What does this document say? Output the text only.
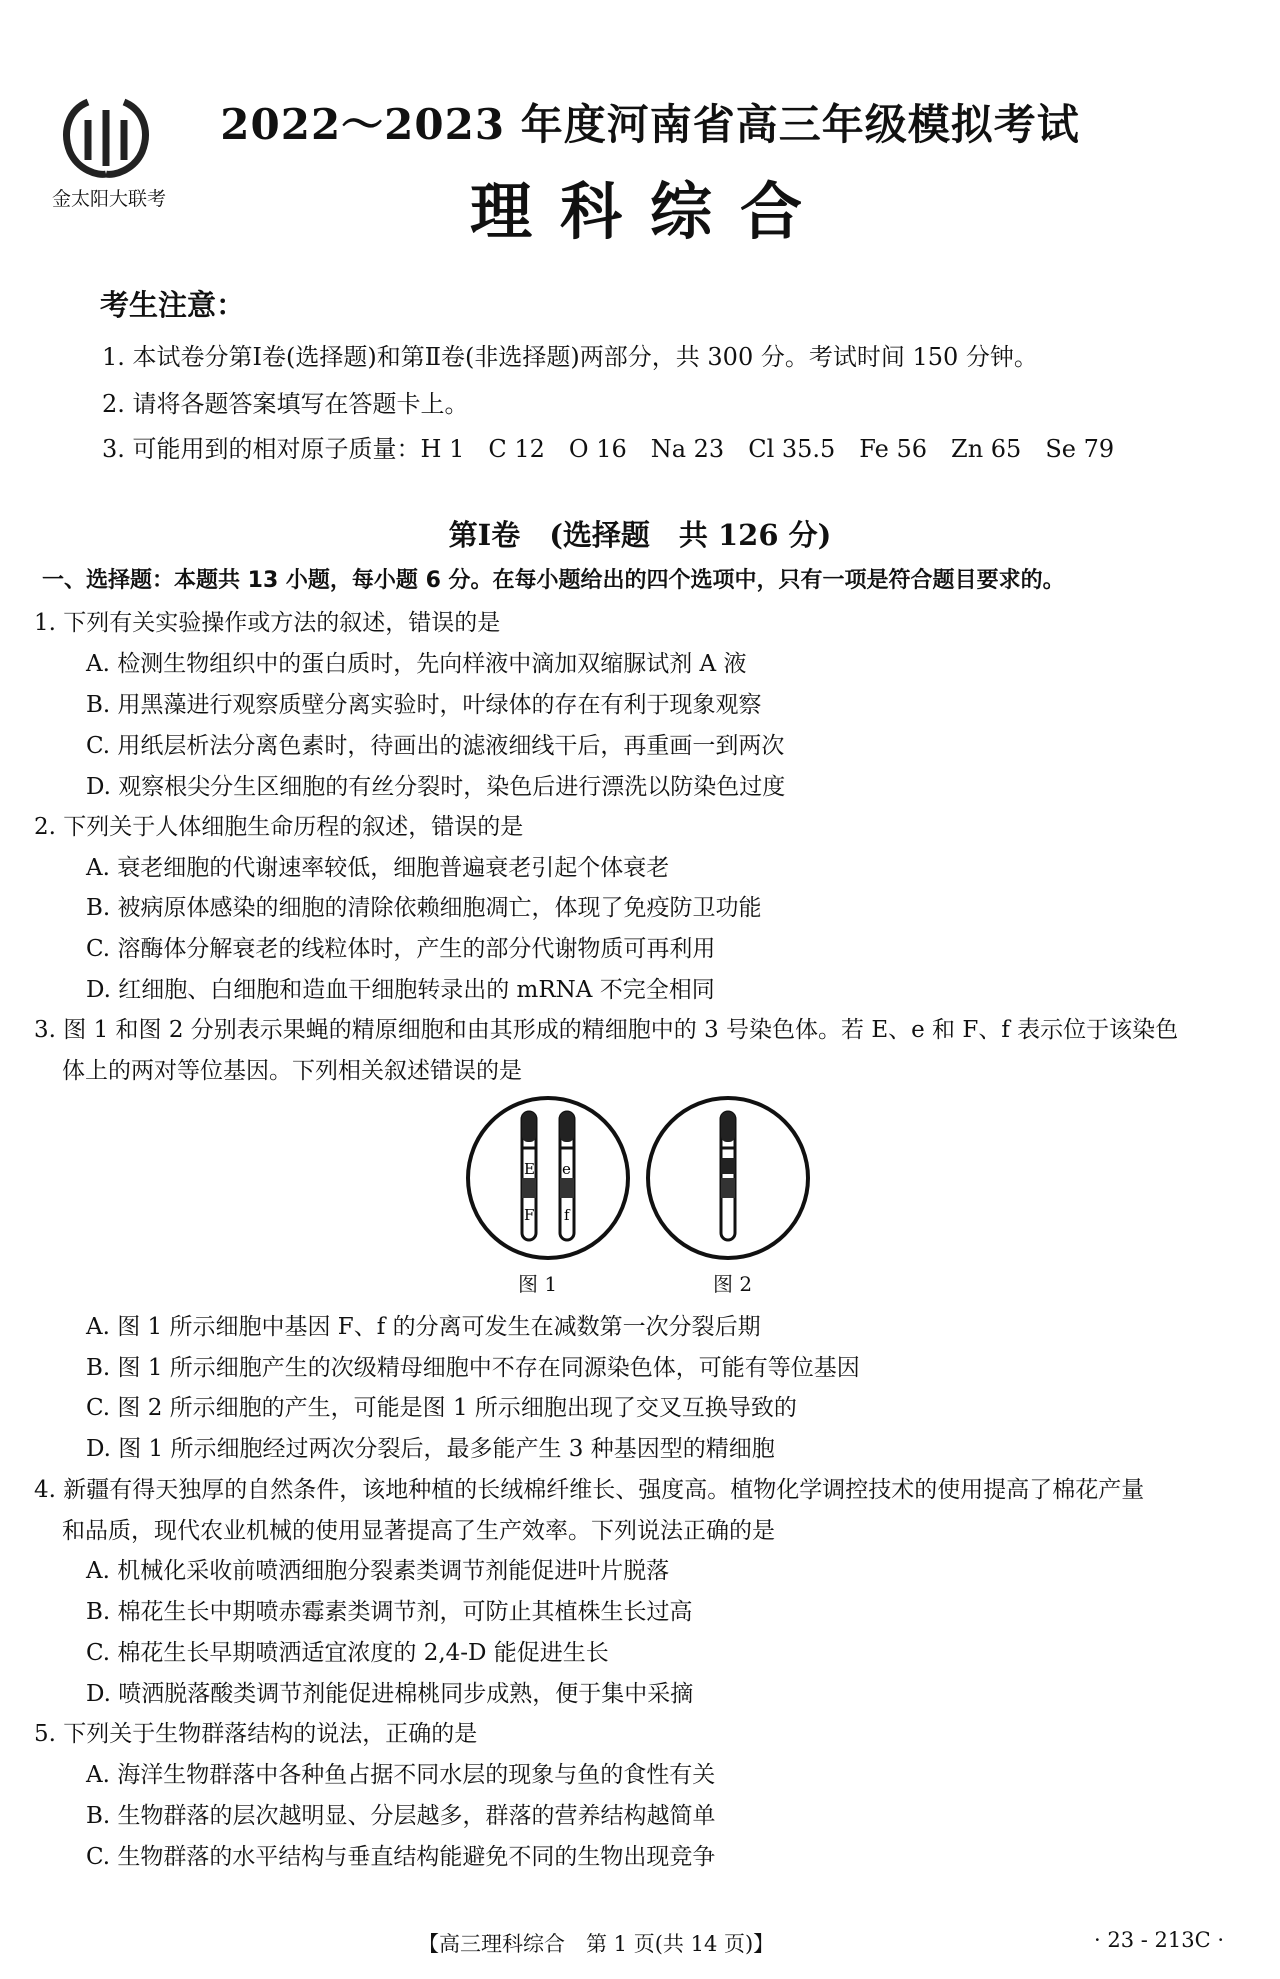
金太阳大联考
2022～2023 年度河南省高三年级模拟考试
理科综合
考生注意：
1. 本试卷分第Ⅰ卷(选择题)和第Ⅱ卷(非选择题)两部分，共 300 分。考试时间 150 分钟。
2. 请将各题答案填写在答题卡上。
3. 可能用到的相对原子质量：H 1　C 12　O 16　Na 23　Cl 35.5　Fe 56　Zn 65　Se 79
第Ⅰ卷　(选择题　共 126 分)
一、选择题：本题共 13 小题，每小题 6 分。在每小题给出的四个选项中，只有一项是符合题目要求的。
1. 下列有关实验操作或方法的叙述，错误的是
A. 检测生物组织中的蛋白质时，先向样液中滴加双缩脲试剂 A 液
B. 用黑藻进行观察质壁分离实验时，叶绿体的存在有利于现象观察
C. 用纸层析法分离色素时，待画出的滤液细线干后，再重画一到两次
D. 观察根尖分生区细胞的有丝分裂时，染色后进行漂洗以防染色过度
2. 下列关于人体细胞生命历程的叙述，错误的是
A. 衰老细胞的代谢速率较低，细胞普遍衰老引起个体衰老
B. 被病原体感染的细胞的清除依赖细胞凋亡，体现了免疫防卫功能
C. 溶酶体分解衰老的线粒体时，产生的部分代谢物质可再利用
D. 红细胞、白细胞和造血干细胞转录出的 mRNA 不完全相同
3. 图 1 和图 2 分别表示果蝇的精原细胞和由其形成的精细胞中的 3 号染色体。若 E、e 和 F、f 表示位于该染色
体上的两对等位基因。下列相关叙述错误的是
E e
F f
图 1	图 2
A. 图 1 所示细胞中基因 F、f 的分离可发生在减数第一次分裂后期
B. 图 1 所示细胞产生的次级精母细胞中不存在同源染色体，可能有等位基因
C. 图 2 所示细胞的产生，可能是图 1 所示细胞出现了交叉互换导致的
D. 图 1 所示细胞经过两次分裂后，最多能产生 3 种基因型的精细胞
4. 新疆有得天独厚的自然条件，该地种植的长绒棉纤维长、强度高。植物化学调控技术的使用提高了棉花产量
和品质，现代农业机械的使用显著提高了生产效率。下列说法正确的是
A. 机械化采收前喷洒细胞分裂素类调节剂能促进叶片脱落
B. 棉花生长中期喷赤霉素类调节剂，可防止其植株生长过高
C. 棉花生长早期喷洒适宜浓度的 2,4-D 能促进生长
D. 喷洒脱落酸类调节剂能促进棉桃同步成熟，便于集中采摘
5. 下列关于生物群落结构的说法，正确的是
A. 海洋生物群落中各种鱼占据不同水层的现象与鱼的食性有关
B. 生物群落的层次越明显、分层越多，群落的营养结构越简单
C. 生物群落的水平结构与垂直结构能避免不同的生物出现竞争
【高三理科综合　第 1 页(共 14 页)】	· 23 - 213C ·
